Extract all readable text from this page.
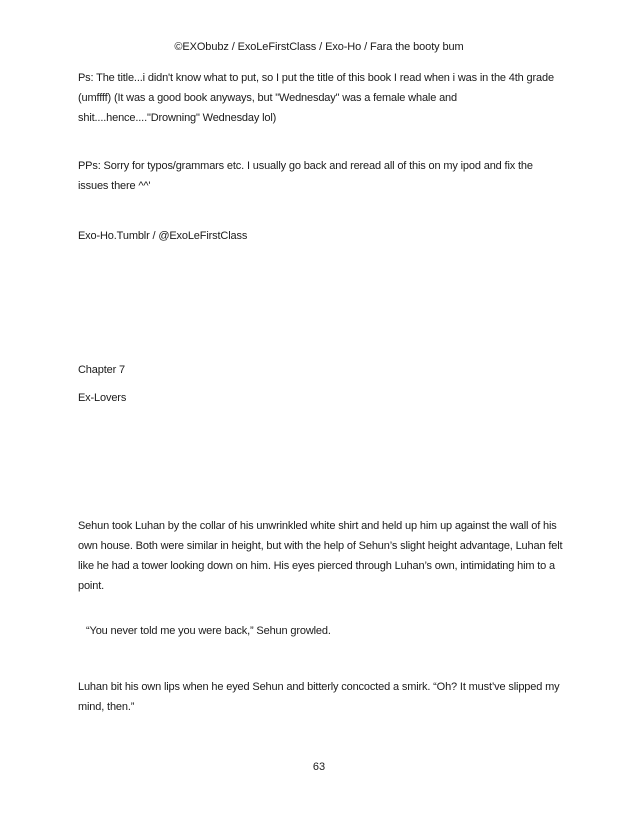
©EXObubz / ExoLeFirstClass / Exo-Ho / Fara the booty bum

Ps: The title...i didn't know what to put, so I put the title of this book I read when i was in the 4th grade (umffff) (It was a good book anyways, but "Wednesday" was a female whale and shit....hence...."Drowning" Wednesday lol)

PPs: Sorry for typos/grammars etc. I usually go back and reread all of this on my ipod and fix the issues there ^^'

Exo-Ho.Tumblr / @ExoLeFirstClass

Chapter 7

Ex-Lovers

Sehun took Luhan by the collar of his unwrinkled white shirt and held up him up against the wall of his own house. Both were similar in height, but with the help of Sehun’s slight height advantage, Luhan felt like he had a tower looking down on him. His eyes pierced through Luhan’s own, intimidating him to a point.

“You never told me you were back,” Sehun growled.

Luhan bit his own lips when he eyed Sehun and bitterly concocted a smirk. “Oh? It must’ve slipped my mind, then.”

63
